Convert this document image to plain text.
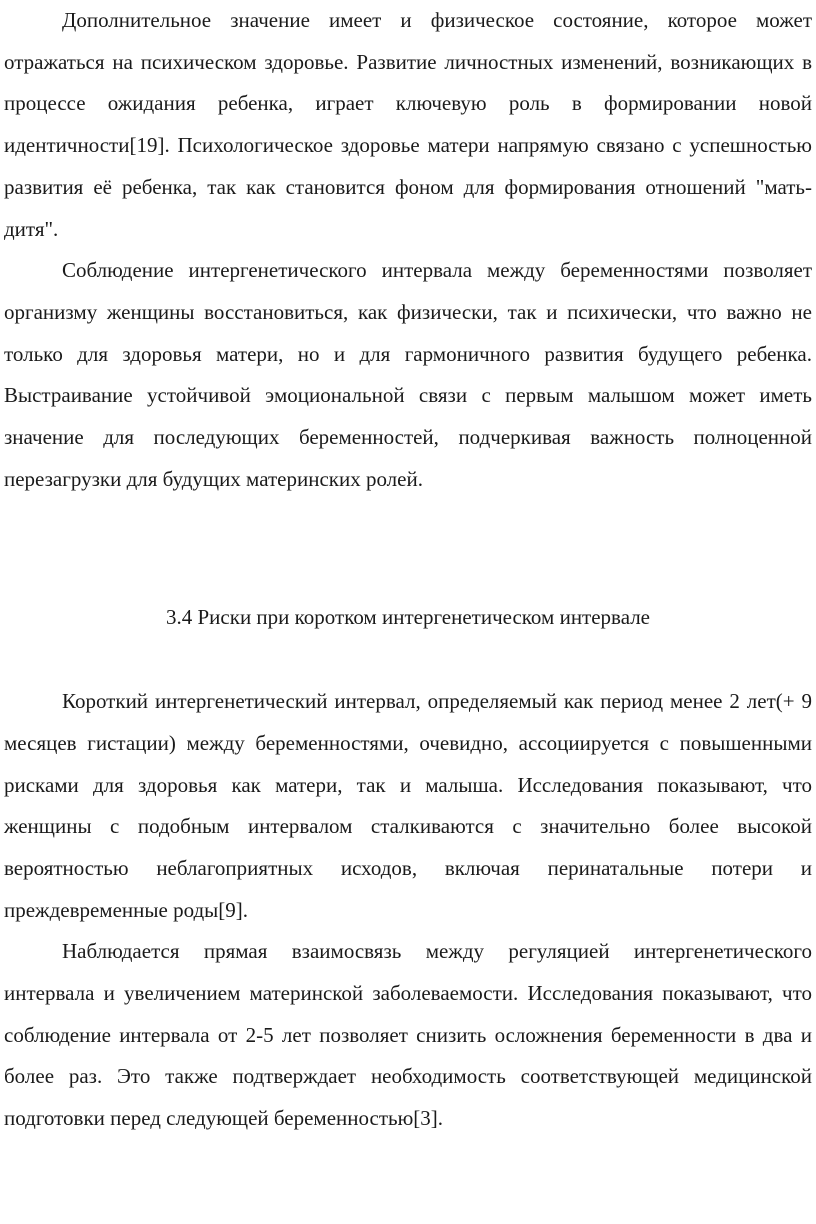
Дополнительное значение имеет и физическое состояние, которое может отражаться на психическом здоровье. Развитие личностных изменений, возникающих в процессе ожидания ребенка, играет ключевую роль в формировании новой идентичности[19]. Психологическое здоровье матери напрямую связано с успешностью развития её ребенка, так как становится фоном для формирования отношений "мать-дитя".

Соблюдение интергенетического интервала между беременностями позволяет организму женщины восстановиться, как физически, так и психически, что важно не только для здоровья матери, но и для гармоничного развития будущего ребенка. Выстраивание устойчивой эмоциональной связи с первым малышом может иметь значение для последующих беременностей, подчеркивая важность полноценной перезагрузки для будущих материнских ролей.

3.4 Риски при коротком интергенетическом интервале

Короткий интергенетический интервал, определяемый как период менее 2 лет(+ 9 месяцев гистации) между беременностями, очевидно, ассоциируется с повышенными рисками для здоровья как матери, так и малыша. Исследования показывают, что женщины с подобным интервалом сталкиваются с значительно более высокой вероятностью неблагоприятных исходов, включая перинатальные потери и преждевременные роды[9].

Наблюдается прямая взаимосвязь между регуляцией интергенетического интервала и увеличением материнской заболеваемости. Исследования показывают, что соблюдение интервала от 2-5 лет позволяет снизить осложнения беременности в два и более раз. Это также подтверждает необходимость соответствующей медицинской подготовки перед следующей беременностью[3].
